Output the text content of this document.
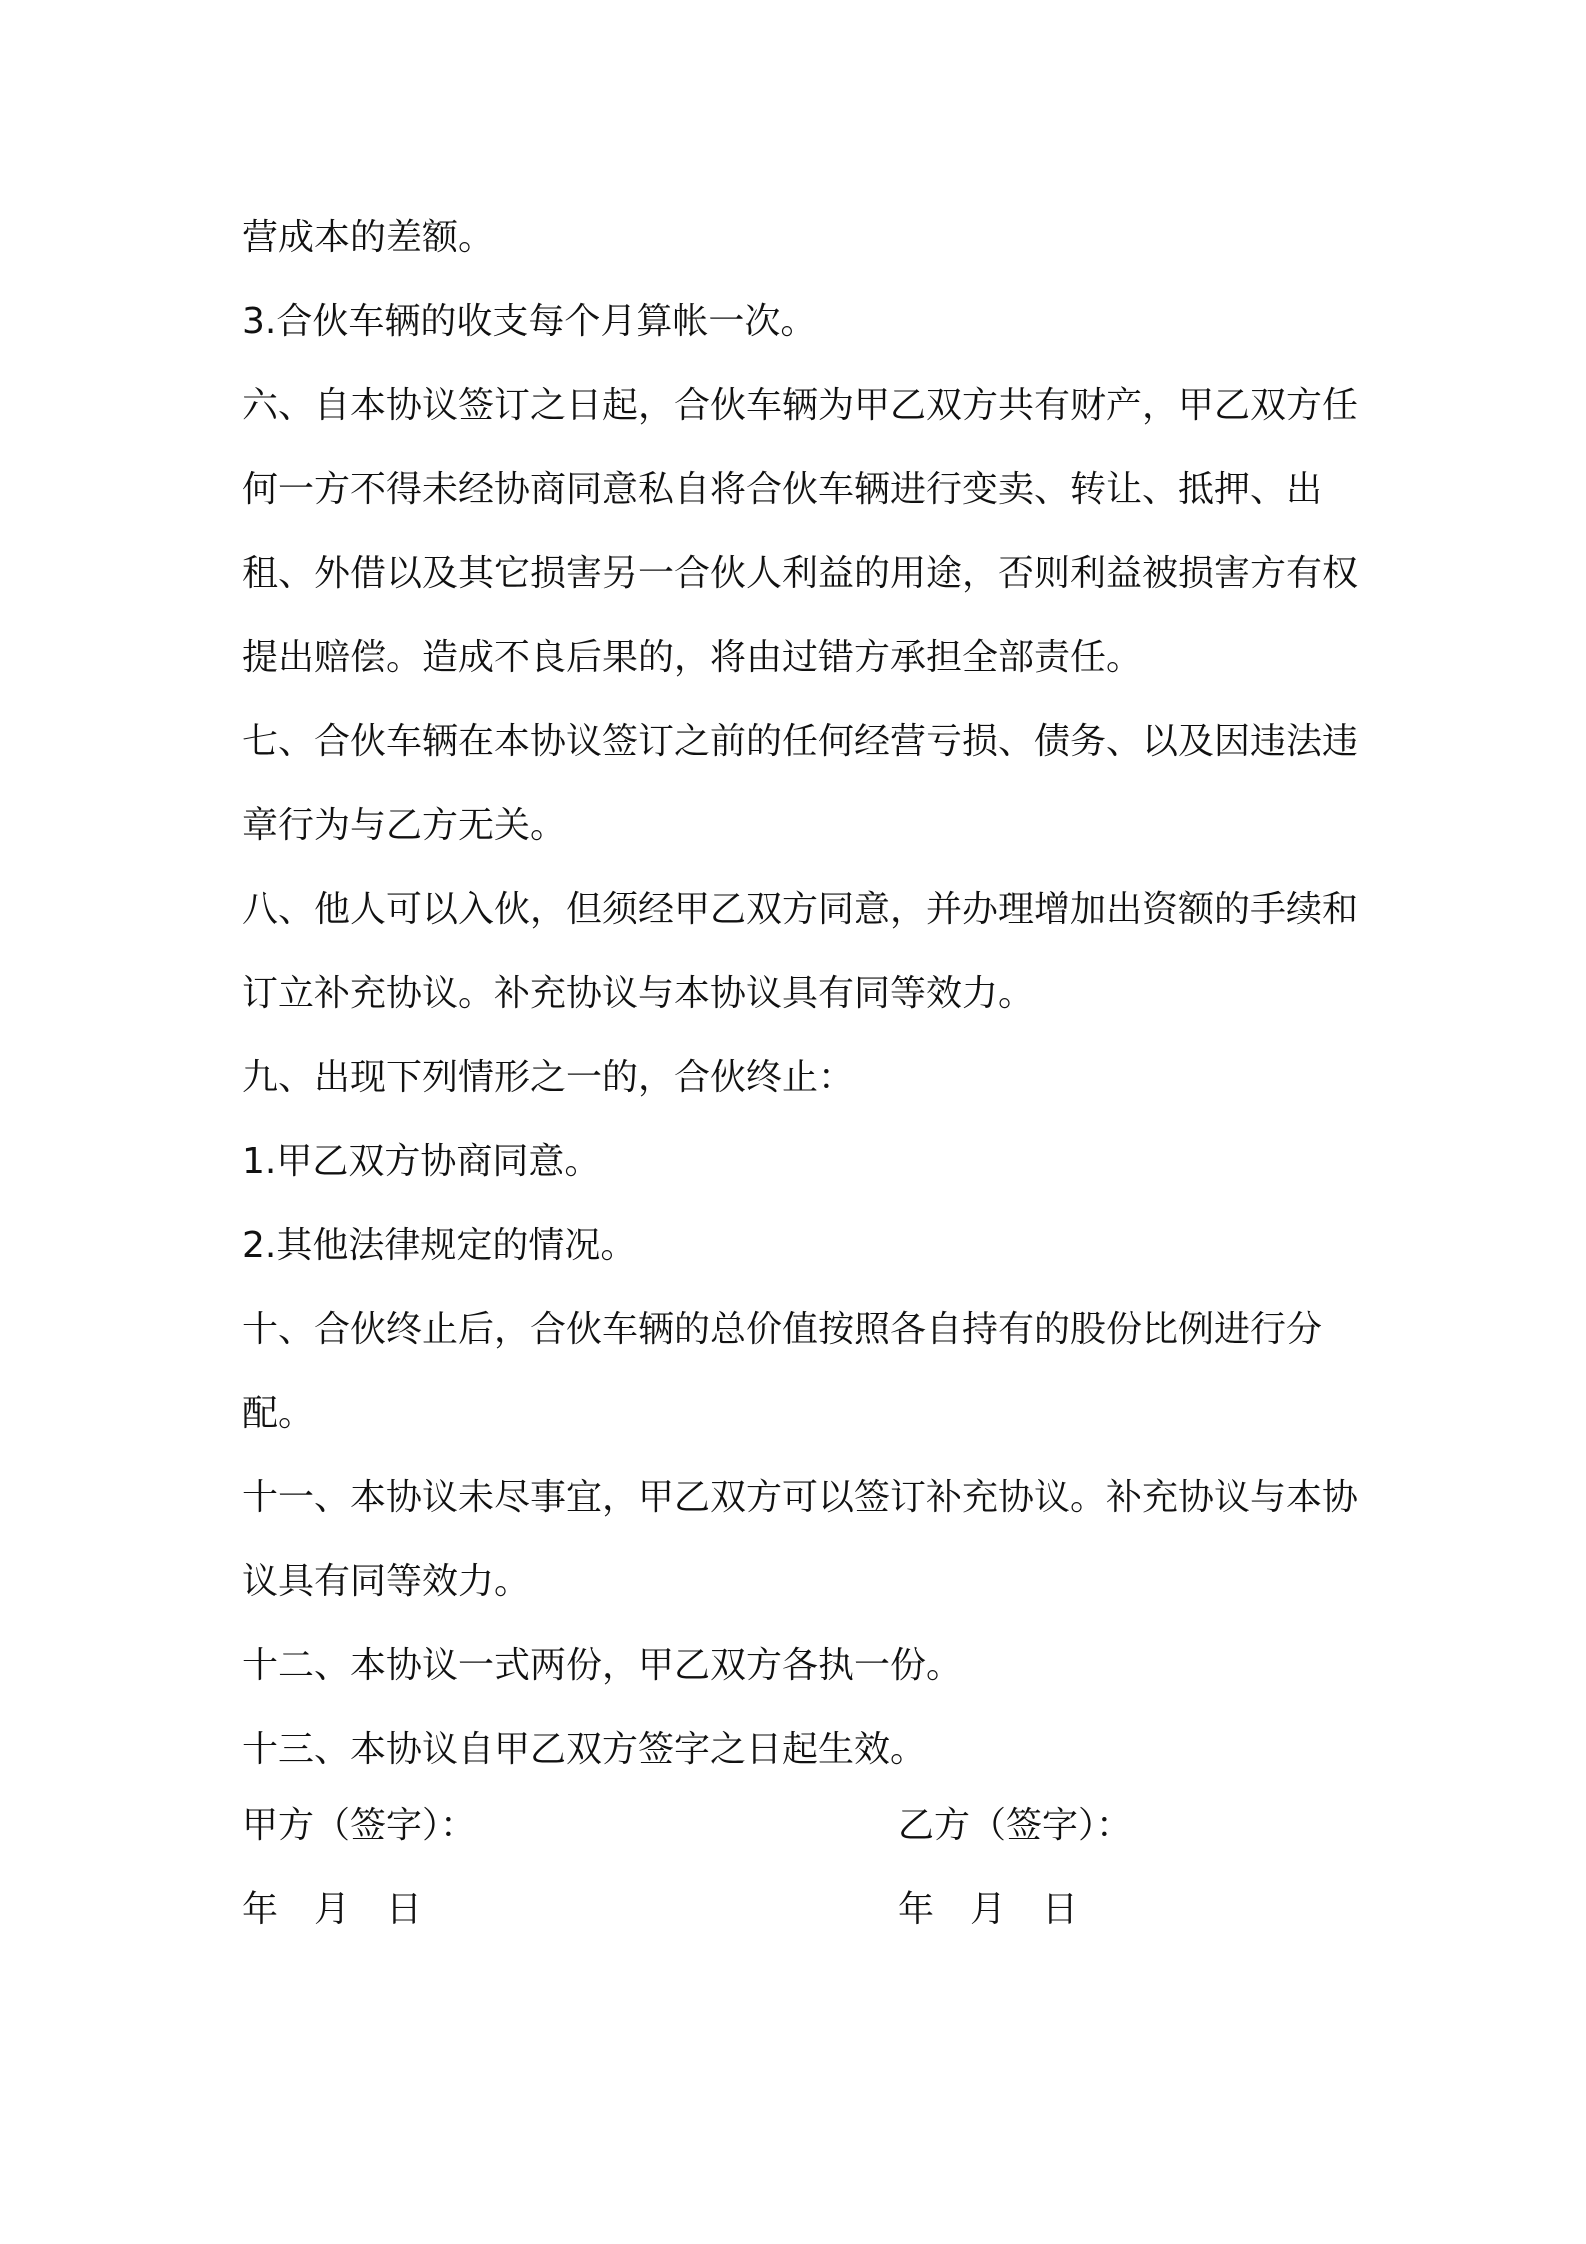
营成本的差额。

3.合伙车辆的收支每个月算帐一次。

六、自本协议签订之日起，合伙车辆为甲乙双方共有财产，甲乙双方任何一方不得未经协商同意私自将合伙车辆进行变卖、转让、抵押、出租、外借以及其它损害另一合伙人利益的用途，否则利益被损害方有权提出赔偿。造成不良后果的，将由过错方承担全部责任。

七、合伙车辆在本协议签订之前的任何经营亏损、债务、以及因违法违章行为与乙方无关。

八、他人可以入伙，但须经甲乙双方同意，并办理增加出资额的手续和订立补充协议。补充协议与本协议具有同等效力。

九、出现下列情形之一的，合伙终止：

1.甲乙双方协商同意。

2.其他法律规定的情况。

十、合伙终止后，合伙车辆的总价值按照各自持有的股份比例进行分配。

十一、本协议未尽事宜，甲乙双方可以签订补充协议。补充协议与本协议具有同等效力。

十二、本协议一式两份，甲乙双方各执一份。

十三、本协议自甲乙双方签字之日起生效。

甲方（签字）：	乙方（签字）：
年　月　日	年　月　日
